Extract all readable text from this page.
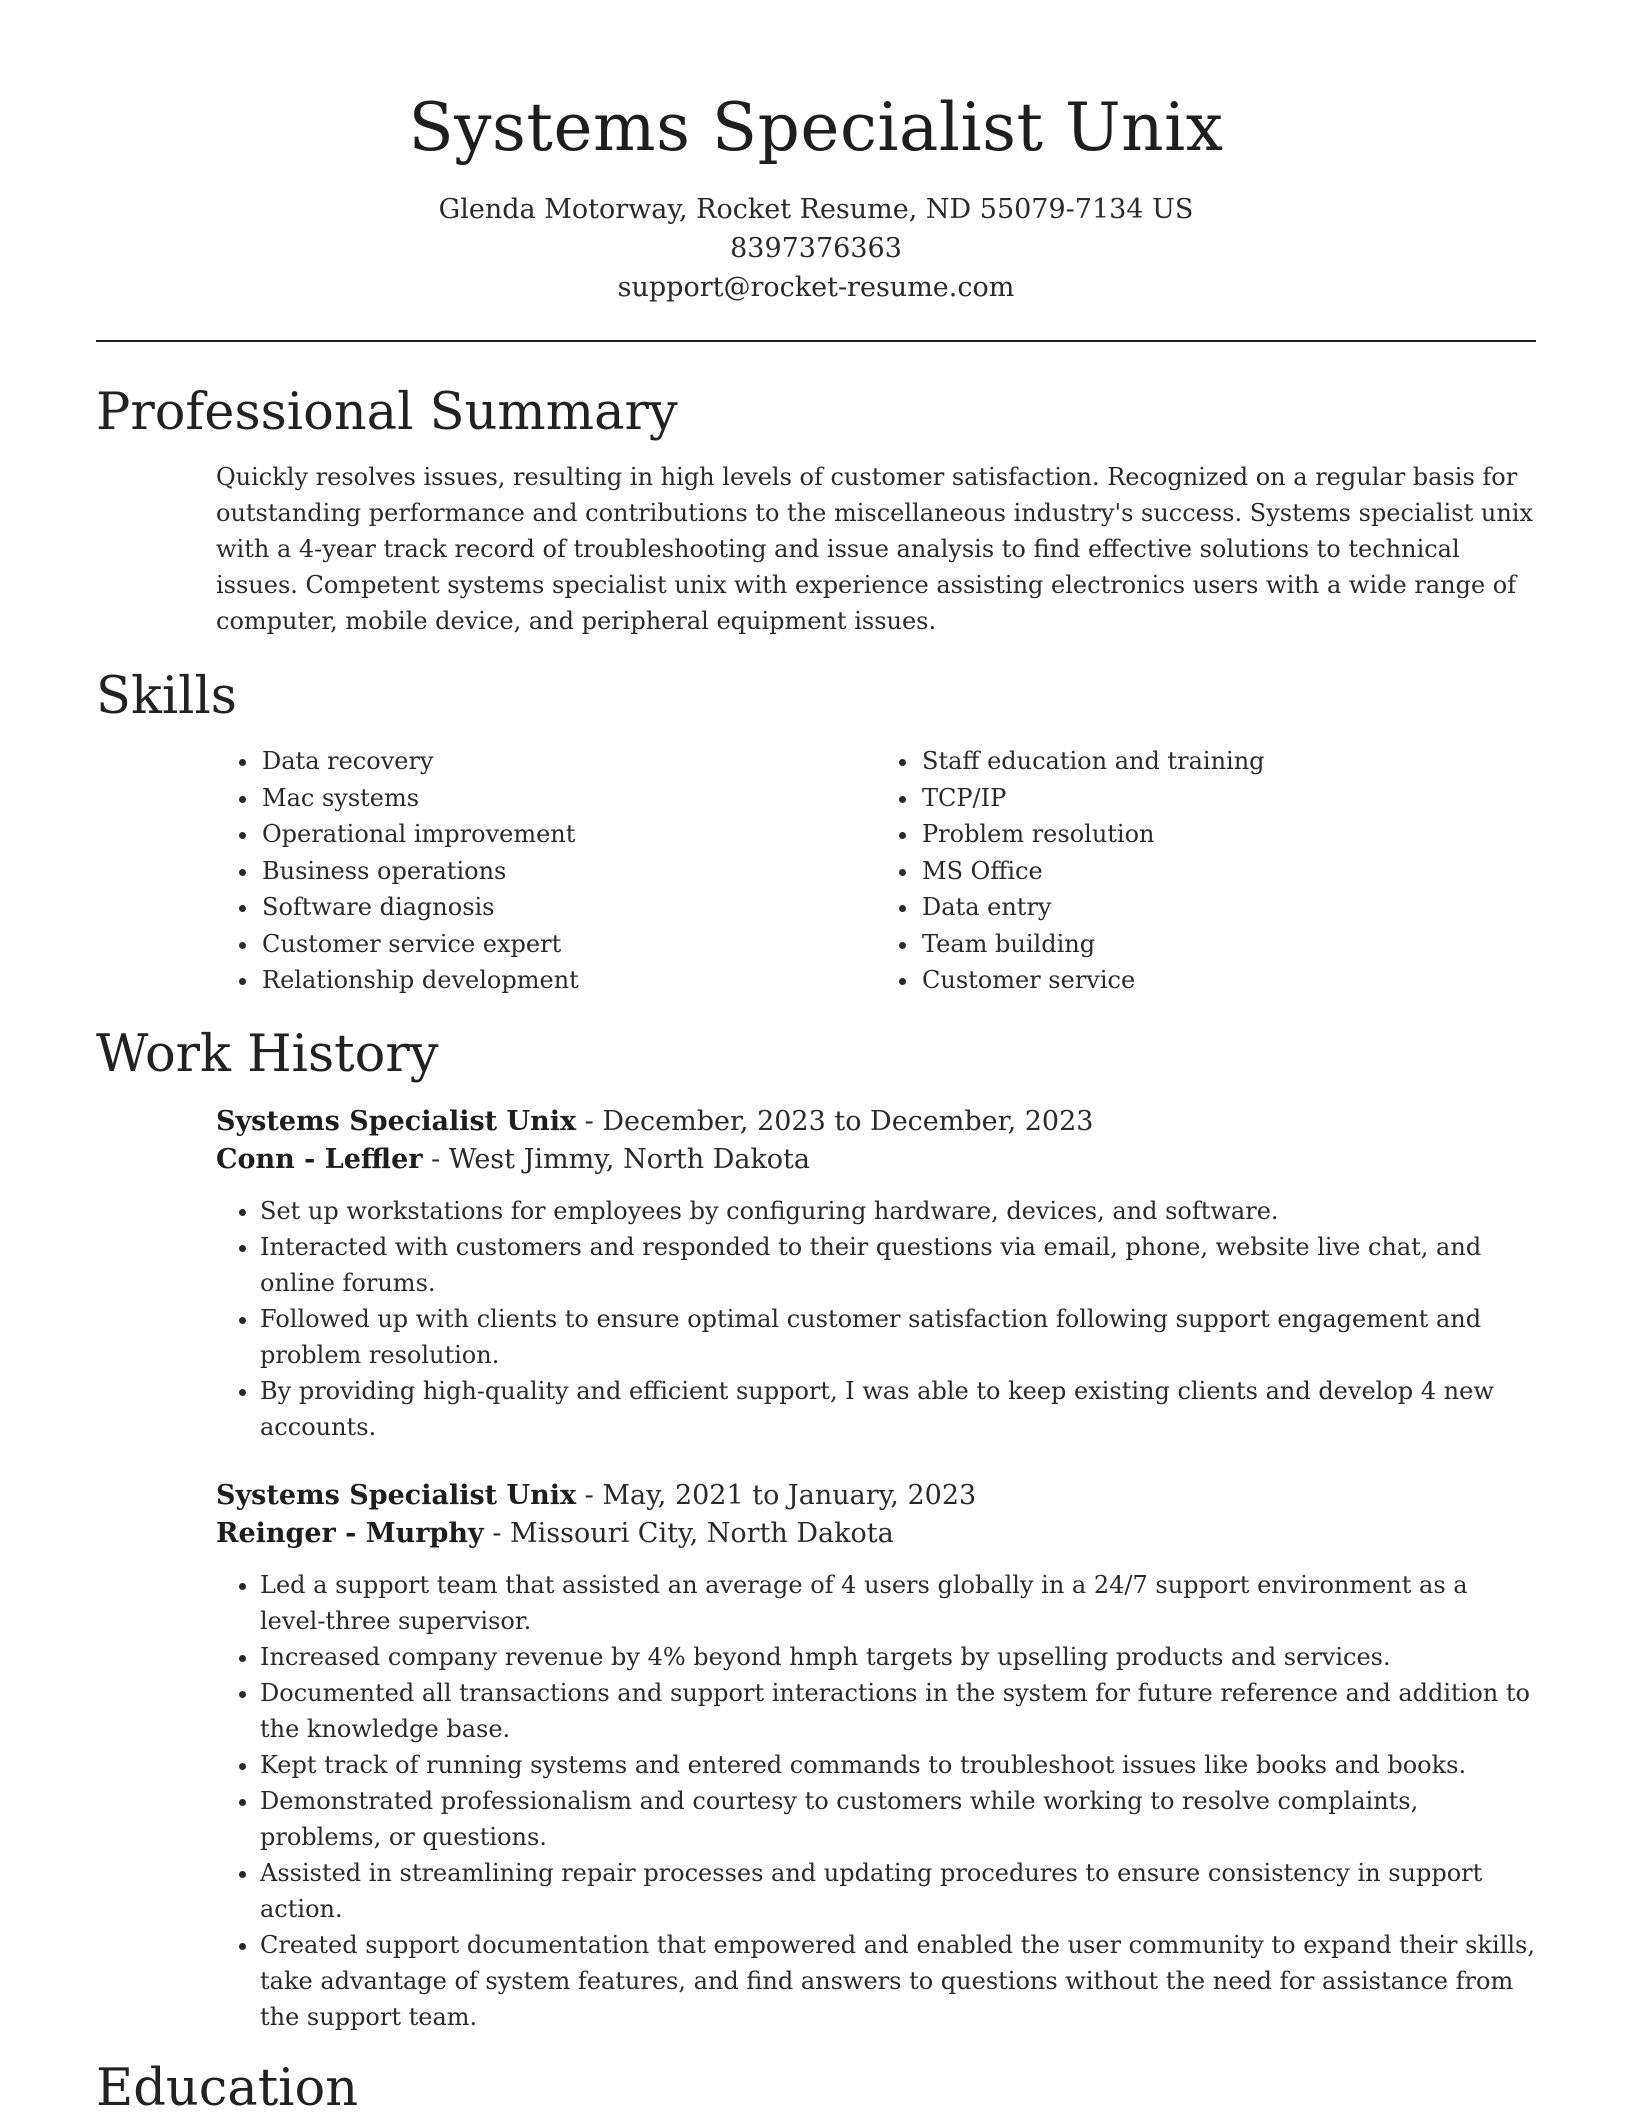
Systems Specialist Unix

Glenda Motorway, Rocket Resume, ND 55079-7134 US

8397376363

support@rocket-resume.com

Professional Summary

Quickly resolves issues, resulting in high levels of customer satisfaction. Recognized on a regular basis for outstanding performance and contributions to the miscellaneous industry's success. Systems specialist unix with a 4-year track record of troubleshooting and issue analysis to find effective solutions to technical issues. Competent systems specialist unix with experience assisting electronics users with a wide range of computer, mobile device, and peripheral equipment issues.

Skills
• Data recovery
• Mac systems
• Operational improvement
• Business operations
• Software diagnosis
• Customer service expert
• Relationship development
• Staff education and training
• TCP/IP
• Problem resolution
• MS Office
• Data entry
• Team building
• Customer service
Work History
Systems Specialist Unix - December, 2023 to December, 2023
Conn - Leffler - West Jimmy, North Dakota
• Set up workstations for employees by configuring hardware, devices, and software.
• Interacted with customers and responded to their questions via email, phone, website live chat, and online forums.
• Followed up with clients to ensure optimal customer satisfaction following support engagement and problem resolution.
• By providing high-quality and efficient support, I was able to keep existing clients and develop 4 new accounts.
Systems Specialist Unix - May, 2021 to January, 2023
Reinger - Murphy - Missouri City, North Dakota
• Led a support team that assisted an average of 4 users globally in a 24/7 support environment as a level-three supervisor.
• Increased company revenue by 4% beyond hmph targets by upselling products and services.
• Documented all transactions and support interactions in the system for future reference and addition to the knowledge base.
• Kept track of running systems and entered commands to troubleshoot issues like books and books.
• Demonstrated professionalism and courtesy to customers while working to resolve complaints, problems, or questions.
• Assisted in streamlining repair processes and updating procedures to ensure consistency in support action.
• Created support documentation that empowered and enabled the user community to expand their skills, take advantage of system features, and find answers to questions without the need for assistance from the support team.
Education
